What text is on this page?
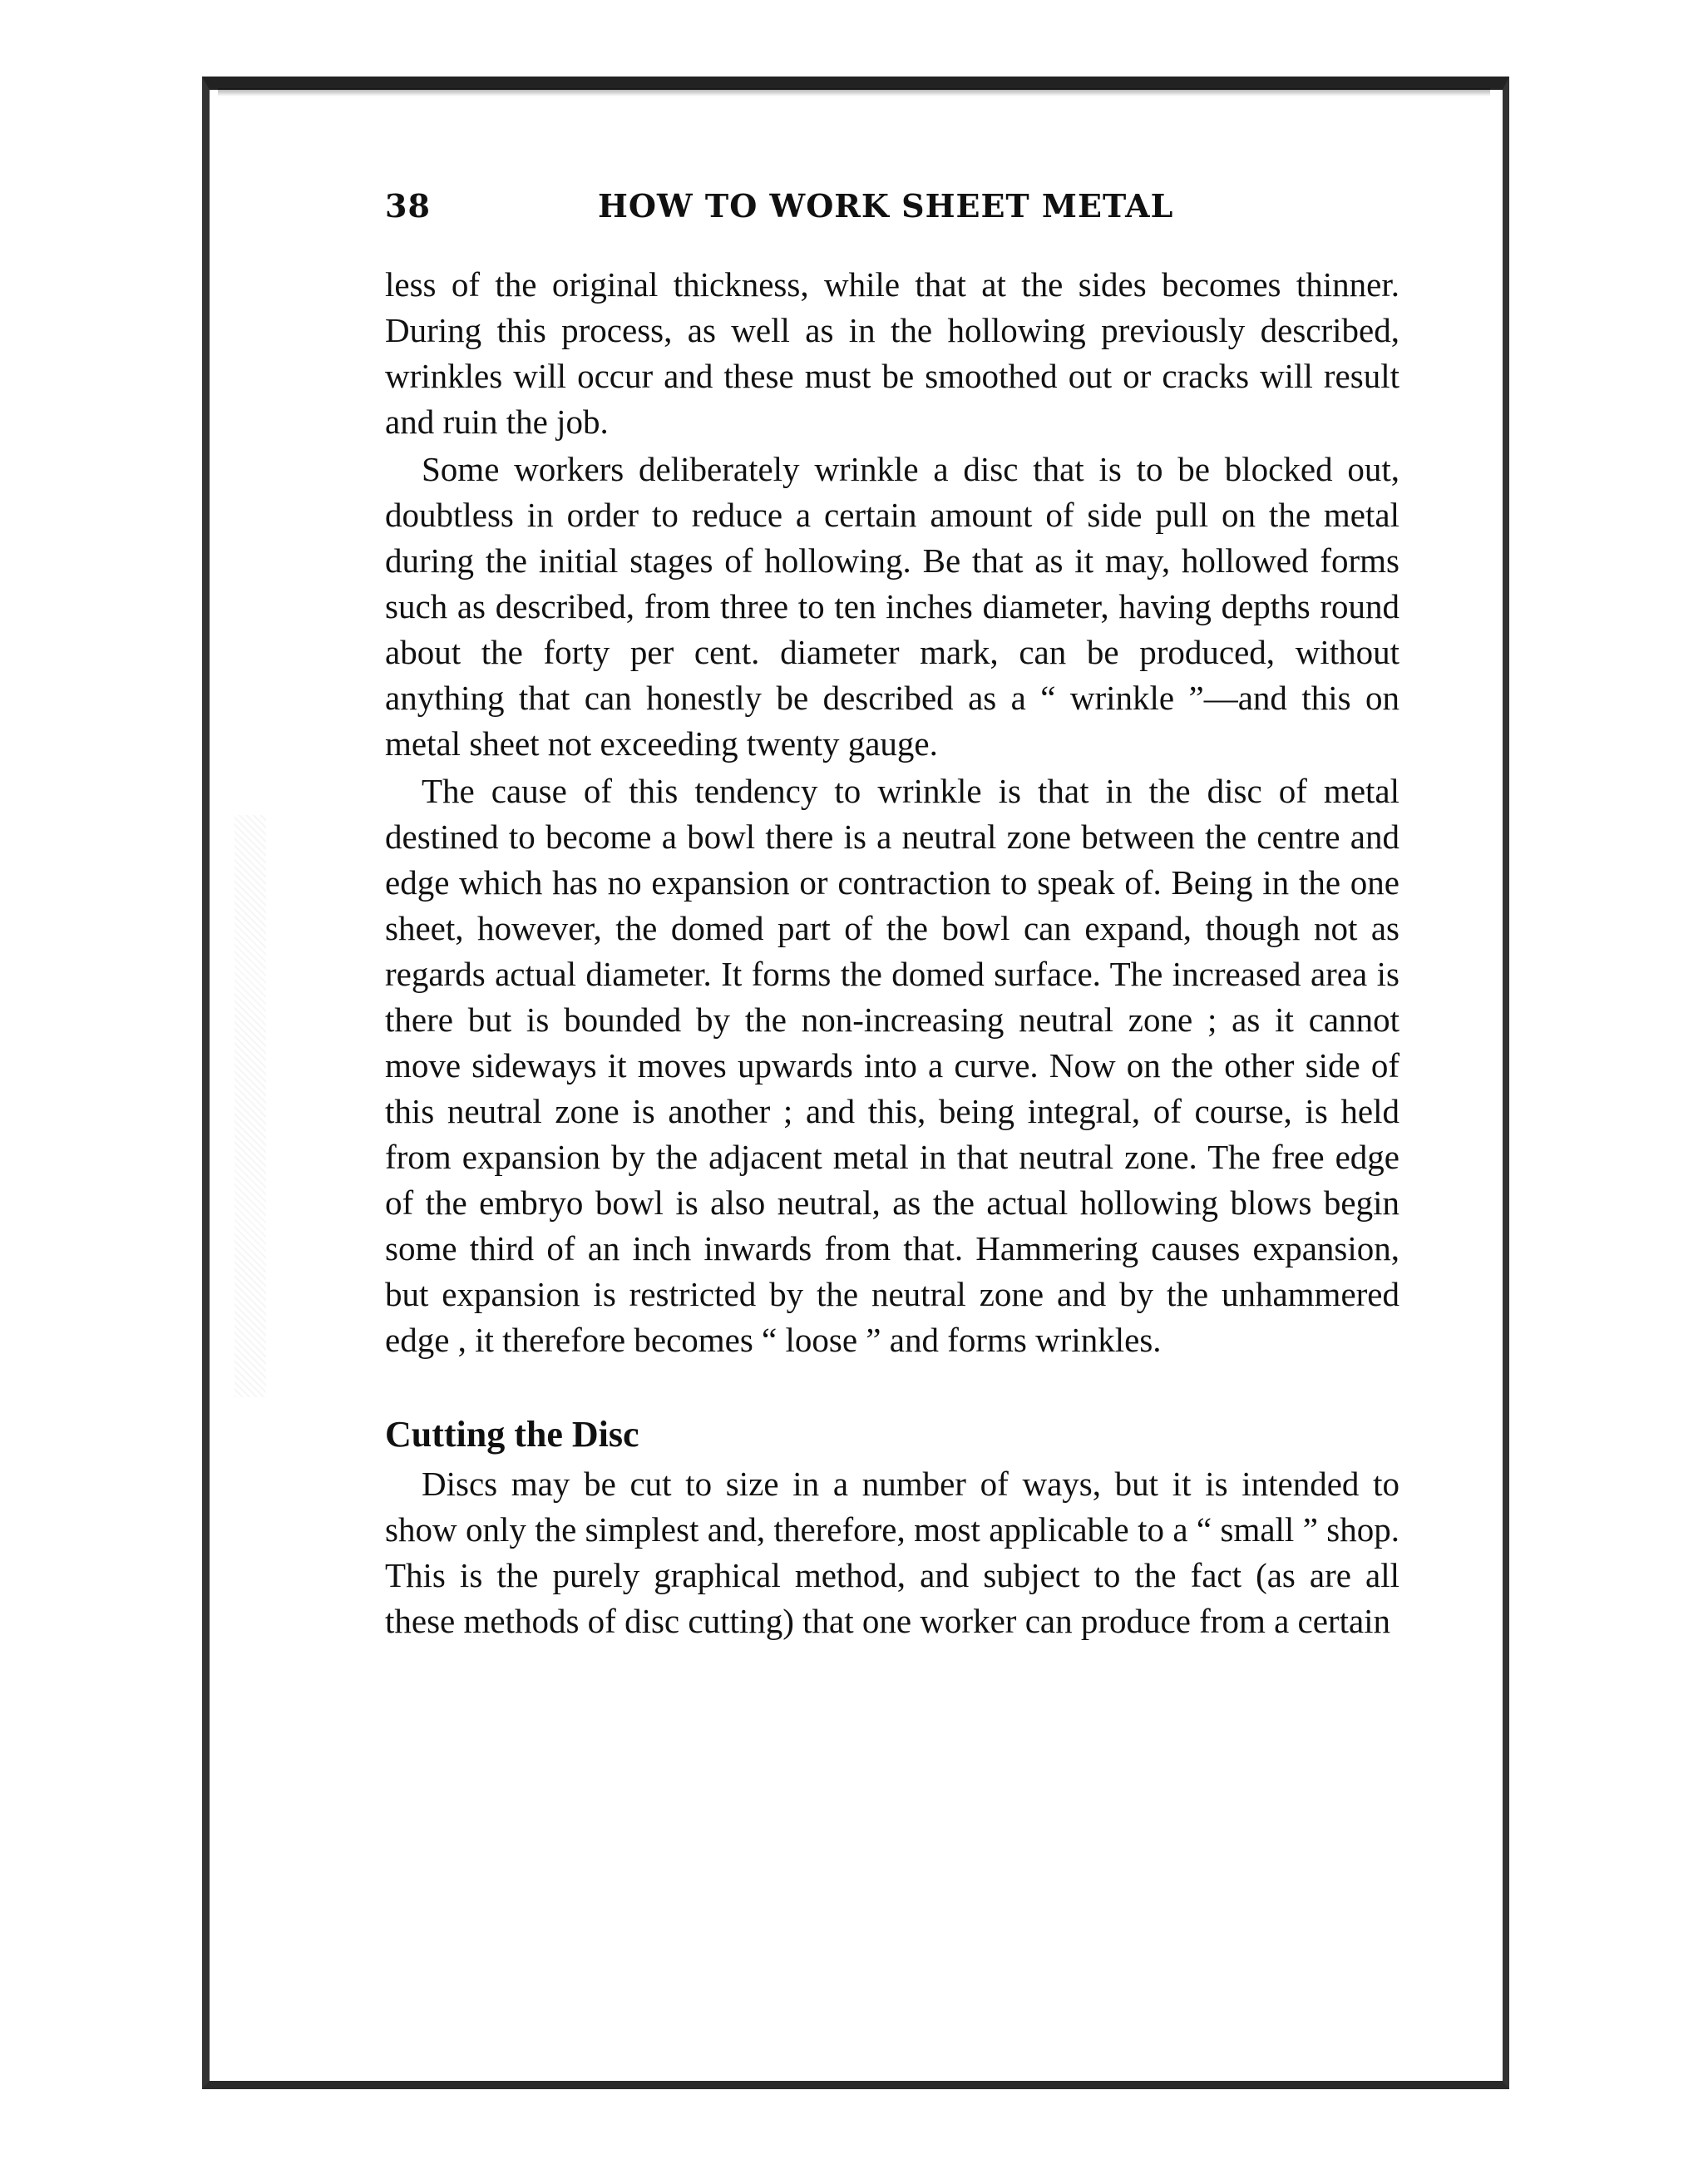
38	HOW TO WORK SHEET METAL

less of the original thickness, while that at the sides becomes thinner. During this process, as well as in the hollowing previously described, wrinkles will occur and these must be smoothed out or cracks will result and ruin the job.

Some workers deliberately wrinkle a disc that is to be blocked out, doubtless in order to reduce a certain amount of side pull on the metal during the initial stages of hollowing. Be that as it may, hollowed forms such as described, from three to ten inches diameter, having depths round about the forty per cent. diameter mark, can be produced, without anything that can honestly be described as a “ wrinkle ”—and this on metal sheet not exceeding twenty gauge.

The cause of this tendency to wrinkle is that in the disc of metal destined to become a bowl there is a neutral zone between the centre and edge which has no expansion or contraction to speak of. Being in the one sheet, however, the domed part of the bowl can expand, though not as regards actual diameter. It forms the domed surface. The increased area is there but is bounded by the non-increasing neutral zone ; as it cannot move sideways it moves upwards into a curve. Now on the other side of this neutral zone is another ; and this, being integral, of course, is held from expansion by the adjacent metal in that neutral zone. The free edge of the embryo bowl is also neutral, as the actual hollowing blows begin some third of an inch inwards from that. Hammering causes expansion, but expansion is restricted by the neutral zone and by the unhammered edge , it therefore becomes “ loose ” and forms wrinkles.

Cutting the Disc

Discs may be cut to size in a number of ways, but it is intended to show only the simplest and, therefore, most applicable to a “ small ” shop. This is the purely graphical method, and subject to the fact (as are all these methods of disc cutting) that one worker can produce from a certain
